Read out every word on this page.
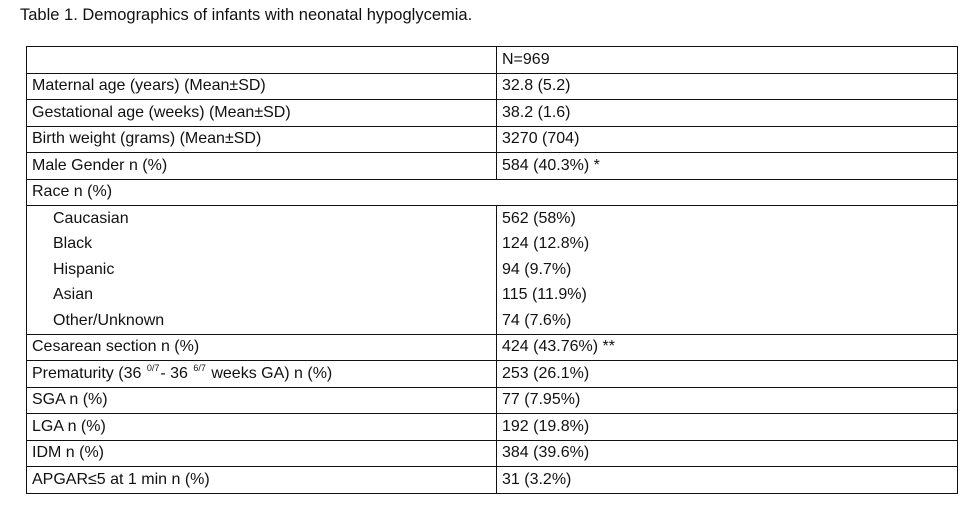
Table 1. Demographics of infants with neonatal hypoglycemia.
	N=969
Maternal age (years) (Mean±SD)	32.8 (5.2)
Gestational age (weeks) (Mean±SD)	38.2 (1.6)
Birth weight (grams) (Mean±SD)	3270 (704)
Male Gender n (%)	584 (40.3%) *
Race n (%)	
Caucasian	562 (58%)
Black	124 (12.8%)
Hispanic	94 (9.7%)
Asian	115 (11.9%)
Other/Unknown	74 (7.6%)
Cesarean section n (%)	424 (43.76%) **
Prematurity (36 $^{0/7}$- 36 $^{6/7}$ weeks GA) n (%)	253 (26.1%)
SGA n (%)	77 (7.95%)
LGA n (%)	192 (19.8%)
IDM n (%)	384 (39.6%)
APGAR≤5 at 1 min n (%)	31 (3.2%)
